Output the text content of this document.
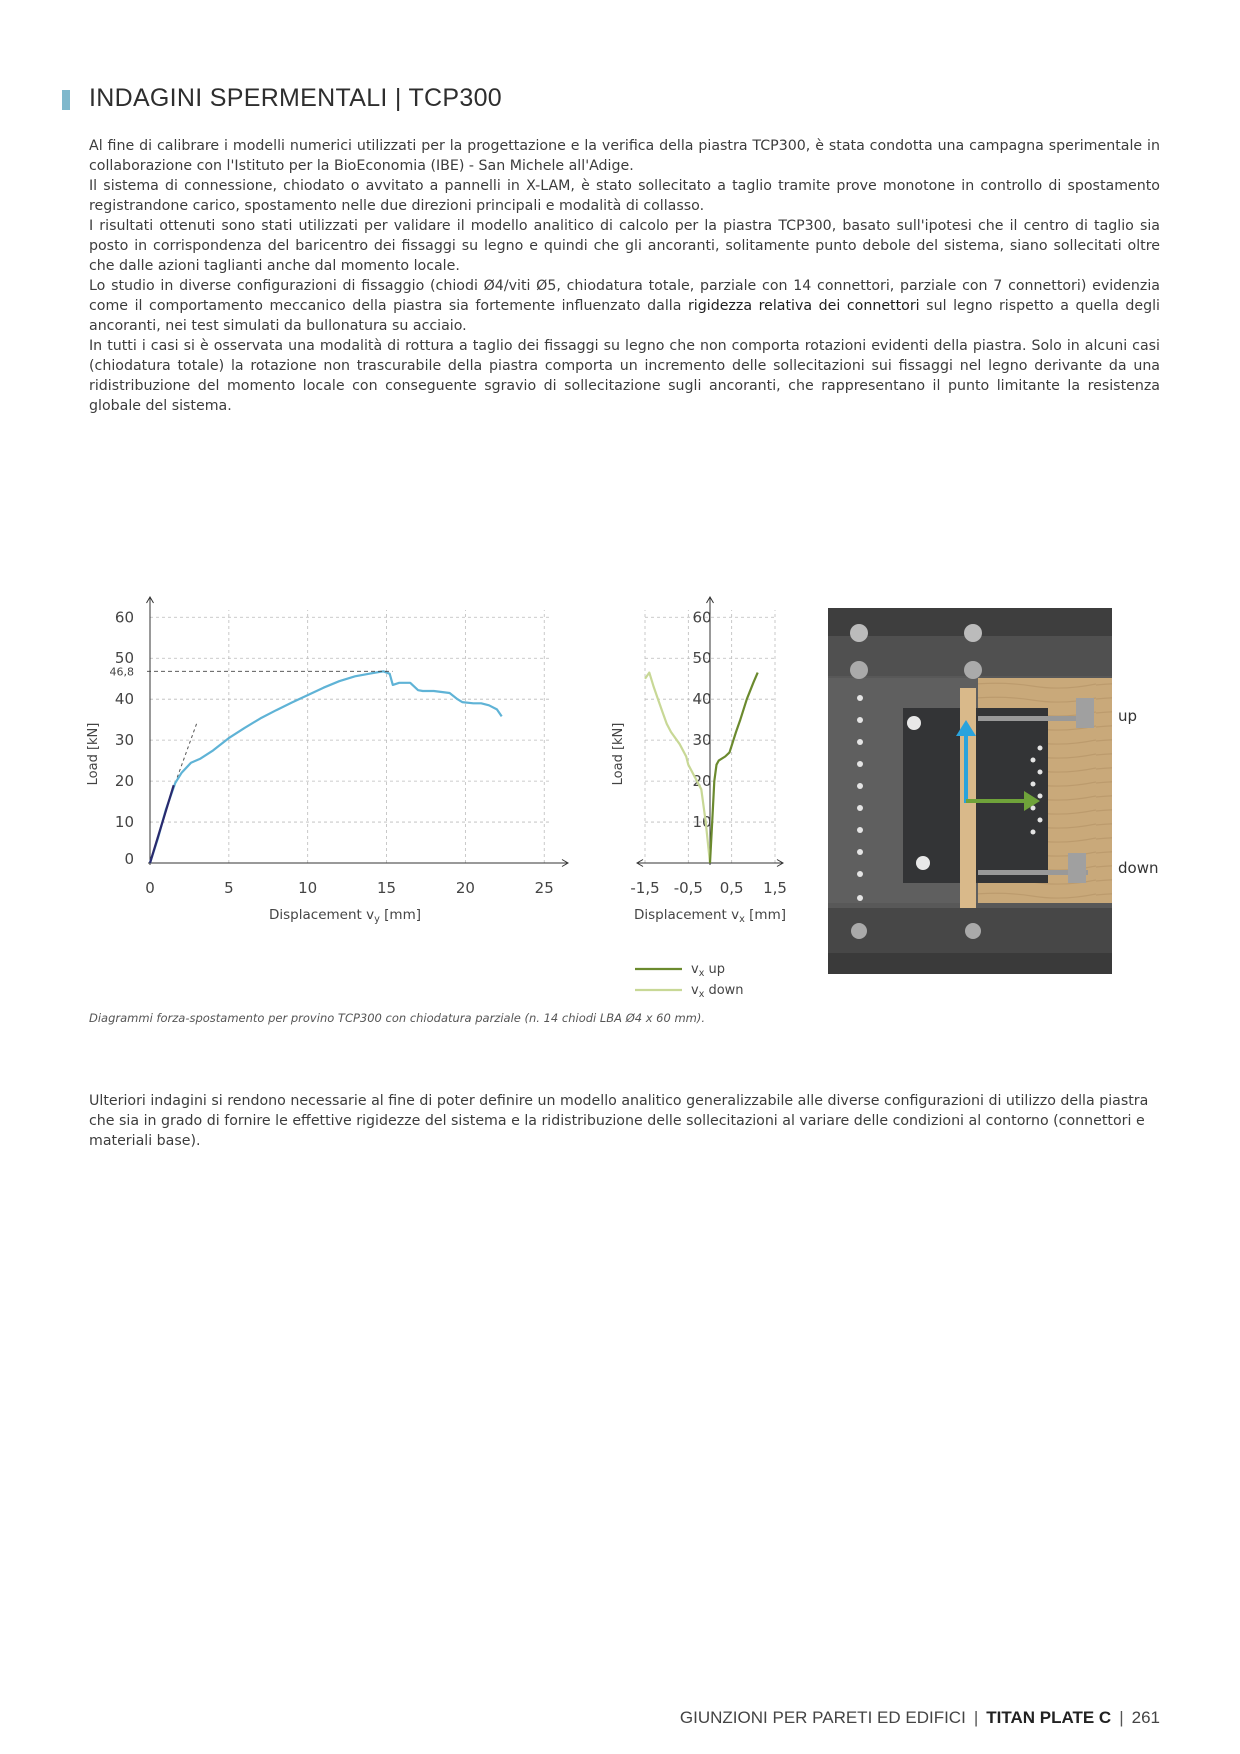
INDAGINI SPERMENTALI | TCP300

Al fine di calibrare i modelli numerici utilizzati per la progettazione e la verifica della piastra TCP300, è stata condotta una campagna sperimentale in collaborazione con l'Istituto per la BioEconomia (IBE) - San Michele all'Adige.

Il sistema di connessione, chiodato o avvitato a pannelli in X-LAM, è stato sollecitato a taglio tramite prove monotone in controllo di spostamento registrandone carico, spostamento nelle due direzioni principali e modalità di collasso.

I risultati ottenuti sono stati utilizzati per validare il modello analitico di calcolo per la piastra TCP300, basato sull'ipotesi che il centro di taglio sia posto in corrispondenza del baricentro dei fissaggi su legno e quindi che gli ancoranti, solitamente punto debole del sistema, siano sollecitati oltre che dalle azioni taglianti anche dal momento locale.

Lo studio in diverse configurazioni di fissaggio (chiodi Ø4/viti Ø5, chiodatura totale, parziale con 14 connettori, parziale con 7 connettori) evidenzia come il comportamento meccanico della piastra sia fortemente influenzato dalla rigidezza relativa dei connettori sul legno rispetto a quella degli ancoranti, nei test simulati da bullonatura su acciaio.

In tutti i casi si è osservata una modalità di rottura a taglio dei fissaggi su legno che non comporta rotazioni evidenti della piastra. Solo in alcuni casi (chiodatura totale) la rotazione non trascurabile della piastra comporta un incremento delle sollecitazioni sui fissaggi nel legno derivante da una ridistribuzione del momento locale con conseguente sgravio di sollecitazione sugli ancoranti, che rappresentano il punto limitante la resistenza globale del sistema.

0	5	10	15	20	25
0
10
20
30
40
50
60
46,8
Load [kN]
Displacement $v_y$ [mm]
-1,5 -0,5 0,5 1,5
10
20
30
40
50
60
Load [kN]
Displacement $v_x$ [mm]
$v_x$ up
$v_x$ down
up
down
Diagrammi forza-spostamento per provino TCP300 con chiodatura parziale (n. 14 chiodi LBA Ø4 x 60 mm).

Ulteriori indagini si rendono necessarie al fine di poter definire un modello analitico generalizzabile alle diverse configurazioni di utilizzo della piastra che sia in grado di fornire le effettive rigidezze del sistema e la ridistribuzione delle sollecitazioni al variare delle condizioni al contorno (connettori e materiali base).

GIUNZIONI PER PARETI ED EDIFICI | TITAN PLATE C | 261
